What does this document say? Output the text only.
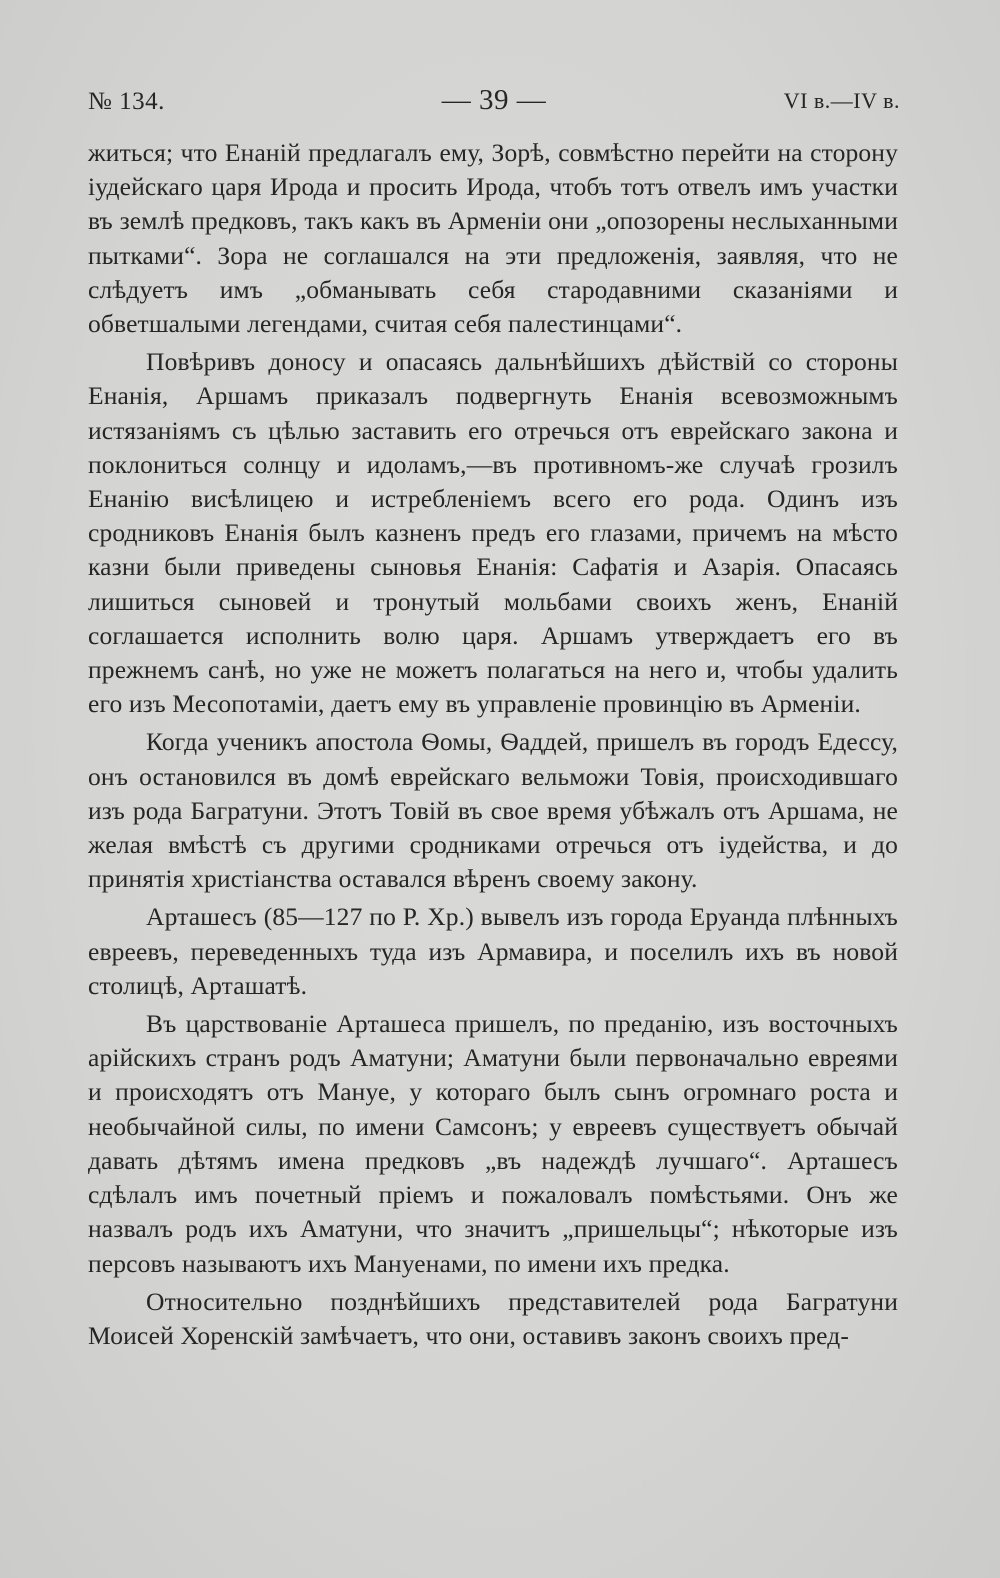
№ 134.	— 39 —	VI в.—IV в.

житься; что Енаній предлагалъ ему, Зорѣ, совмѣстно перейти на сторону іудейскаго царя Ирода и просить Ирода, чтобъ тотъ отвелъ имъ участки въ землѣ предковъ, такъ какъ въ Арменіи они „опозорены неслыханными пытками“. Зора не соглашался на эти предложенія, заявляя, что не слѣдуетъ имъ „обманывать себя стародавними сказаніями и обветшалыми легендами, считая себя палестинцами“.

Повѣривъ доносу и опасаясь дальнѣйшихъ дѣйствій со стороны Енанія, Аршамъ приказалъ подвергнуть Енанія всевозможнымъ истязаніямъ съ цѣлью заставить его отречься отъ еврейскаго закона и поклониться солнцу и идоламъ,—въ противномъ-же случаѣ грозилъ Енанію висѣлицею и истребленіемъ всего его рода. Одинъ изъ сродниковъ Енанія былъ казненъ предъ его глазами, причемъ на мѣсто казни были приведены сыновья Енанія: Сафатія и Азарія. Опасаясь лишиться сыновей и тронутый мольбами своихъ женъ, Енаній соглашается исполнить волю царя. Аршамъ утверждаетъ его въ прежнемъ санѣ, но уже не можетъ полагаться на него и, чтобы удалить его изъ Месопотаміи, даетъ ему въ управленіе провинцію въ Арменіи.

Когда ученикъ апостола Ѳомы, Ѳаддей, пришелъ въ городъ Едессу, онъ остановился въ домѣ еврейскаго вельможи Товія, происходившаго изъ рода Багратуни. Этотъ Товій въ свое время убѣжалъ отъ Аршама, не желая вмѣстѣ съ другими сродниками отречься отъ іудейства, и до принятія христіанства оставался вѣренъ своему закону.

Арташесъ (85—127 по Р. Хр.) вывелъ изъ города Еруанда плѣнныхъ евреевъ, переведенныхъ туда изъ Армавира, и поселилъ ихъ въ новой столицѣ, Арташатѣ.

Въ царствованіе Арташеса пришелъ, по преданію, изъ восточныхъ арійскихъ странъ родъ Аматуни; Аматуни были первоначально евреями и происходятъ отъ Мануе, у котораго былъ сынъ огромнаго роста и необычайной силы, по имени Самсонъ; у евреевъ существуетъ обычай давать дѣтямъ имена предковъ „въ надеждѣ лучшаго“. Арташесъ сдѣлалъ имъ почетный пріемъ и пожаловалъ помѣстьями. Онъ же назвалъ родъ ихъ Аматуни, что значитъ „пришельцы“; нѣкоторые изъ персовъ называютъ ихъ Мануенами, по имени ихъ предка.

Относительно позднѣйшихъ представителей рода Багратуни Моисей Хоренскій замѣчаетъ, что они, оставивъ законъ своихъ пред-
